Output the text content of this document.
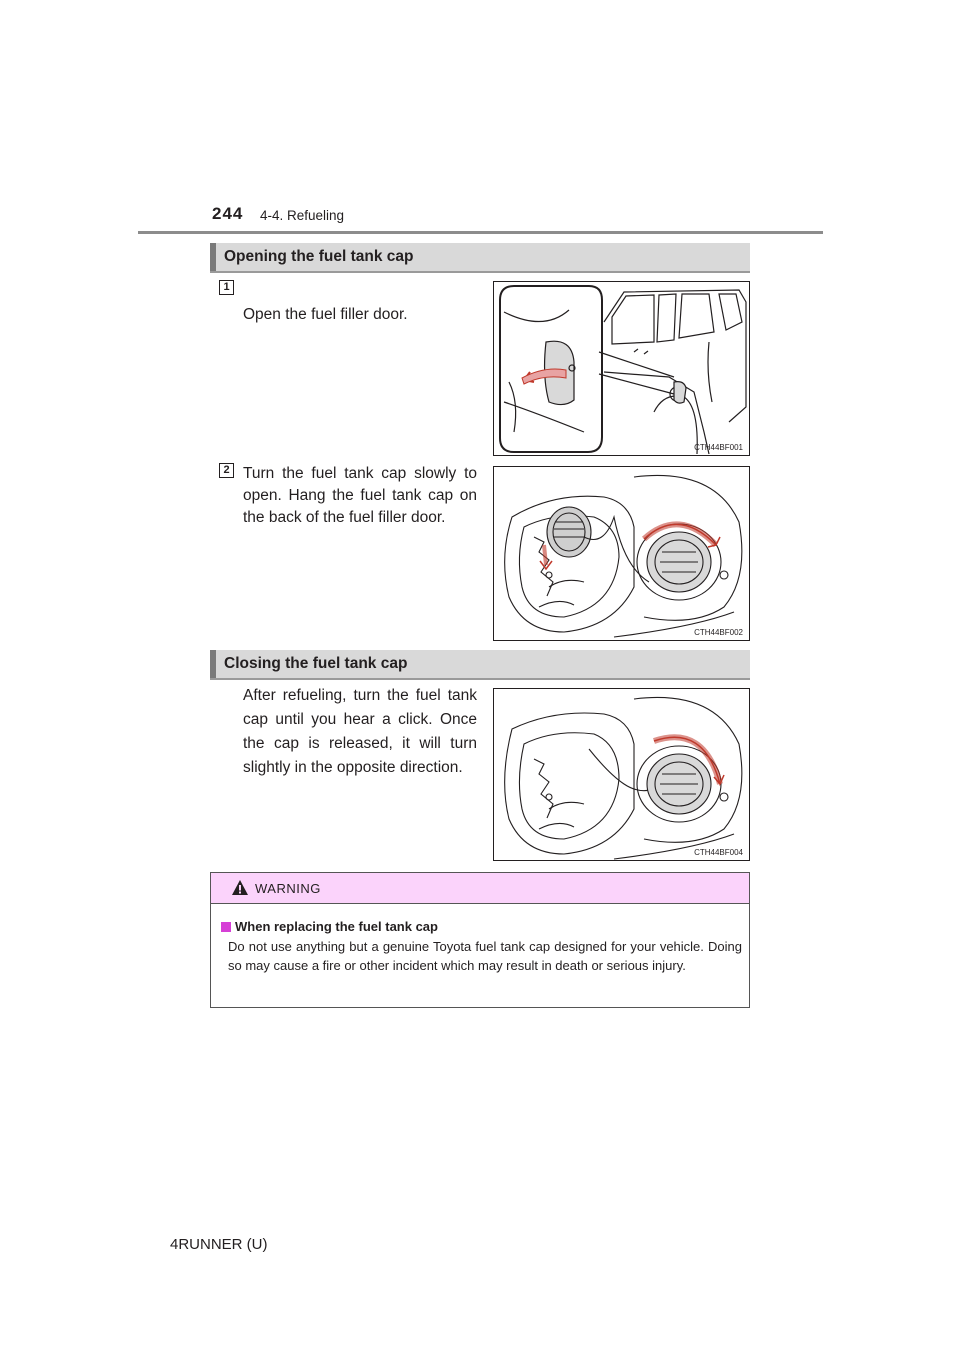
244 4-4. Refueling
Opening the fuel tank cap
1
Open the fuel filler door.
CTH44BF001
2 Turn the fuel tank cap slowly to open. Hang the fuel tank cap on the back of the fuel filler door.
CTH44BF002
Closing the fuel tank cap
After refueling, turn the fuel tank cap until you hear a click. Once the cap is released, it will turn slightly in the opposite direction.
CTH44BF004
WARNING
When replacing the fuel tank cap
Do not use anything but a genuine Toyota fuel tank cap designed for your vehicle. Doing so may cause a fire or other incident which may result in death or serious injury.
4RUNNER (U)
